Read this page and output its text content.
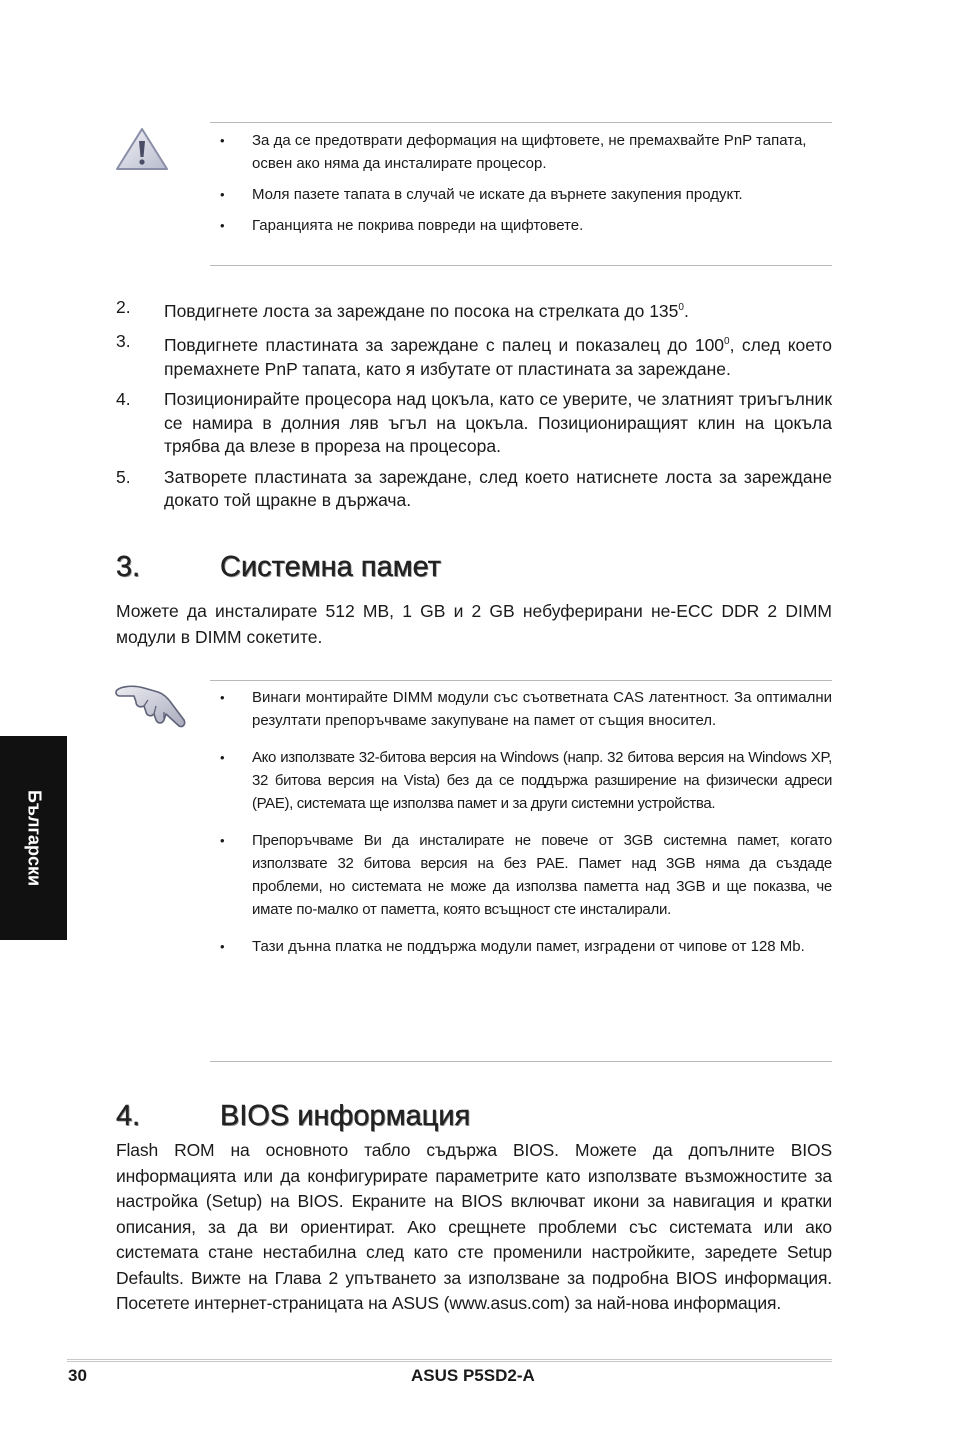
• За да се предотврати деформация на щифтовете, не премахвайте PnP тапата, освен ако няма да инсталирате процесор.
• Моля пазете тапата в случай че искате да върнете закупения продукт.
• Гаранцията не покрива повреди на щифтовете.
2. Повдигнете лоста за зареждане по посока на стрелката до $135^0$.
3. Повдигнете пластината за зареждане с палец и показалец до $100^0$, след което премахнете PnP тапата, като я избутате от пластината за зареждане.
4. Позиционирайте процесора над цокъла, като се уверите, че златният триъгълник се намира в долния ляв ъгъл на цокъла. Позициониращият клин на цокъла трябва да влезе в прореза на процесора.
5. Затворете пластината за зареждане, след което натиснете лоста за зареждане докато той щракне в държача.
3.	Системна памет

Можете да инсталирате 512 MB, 1 GB и 2 GB небуферирани не-ECC DDR 2 DIMM модули в DIMM сокетите.

• Винаги монтирайте DIMM модули със съответната CAS латентност. За оптимални резултати препоръчваме закупуване на памет от същия вносител.
• Ако използвате 32-битова версия на Windows (напр. 32 битова версия на Windows XP, 32 битова версия на Vista) без да се поддържа разширение на физически адреси (PAE), системата ще използва памет и за други системни устройства.
• Препоръчваме Ви да инсталирате не повече от 3GB системна памет, когато използвате 32 битова версия на без PAE. Памет над 3GB няма да създаде проблеми, но системата не може да използва паметта над 3GB и ще показва, че имате по-малко от паметта, която всъщност сте инсталирали.
• Тази дънна платка не поддържа модули памет, изградени от чипове от 128 Mb.
4.	BIOS информация

Flash ROM на основното табло съдържа BIOS. Можете да допълните BIOS информацията или да конфигурирате параметрите като използвате възможностите за настройка (Setup) на BIOS. Екраните на BIOS включват икони за навигация и кратки описания, за да ви ориентират. Ако срещнете проблеми със системата или ако системата стане нестабилна след като сте променили настройките, заредете Setup Defaults. Вижте на Глава 2 упътването за използване за подробна BIOS информация. Посетете интернет-страницата на ASUS (www.asus.com) за най-нова информация.

Български
30	ASUS P5SD2-A
